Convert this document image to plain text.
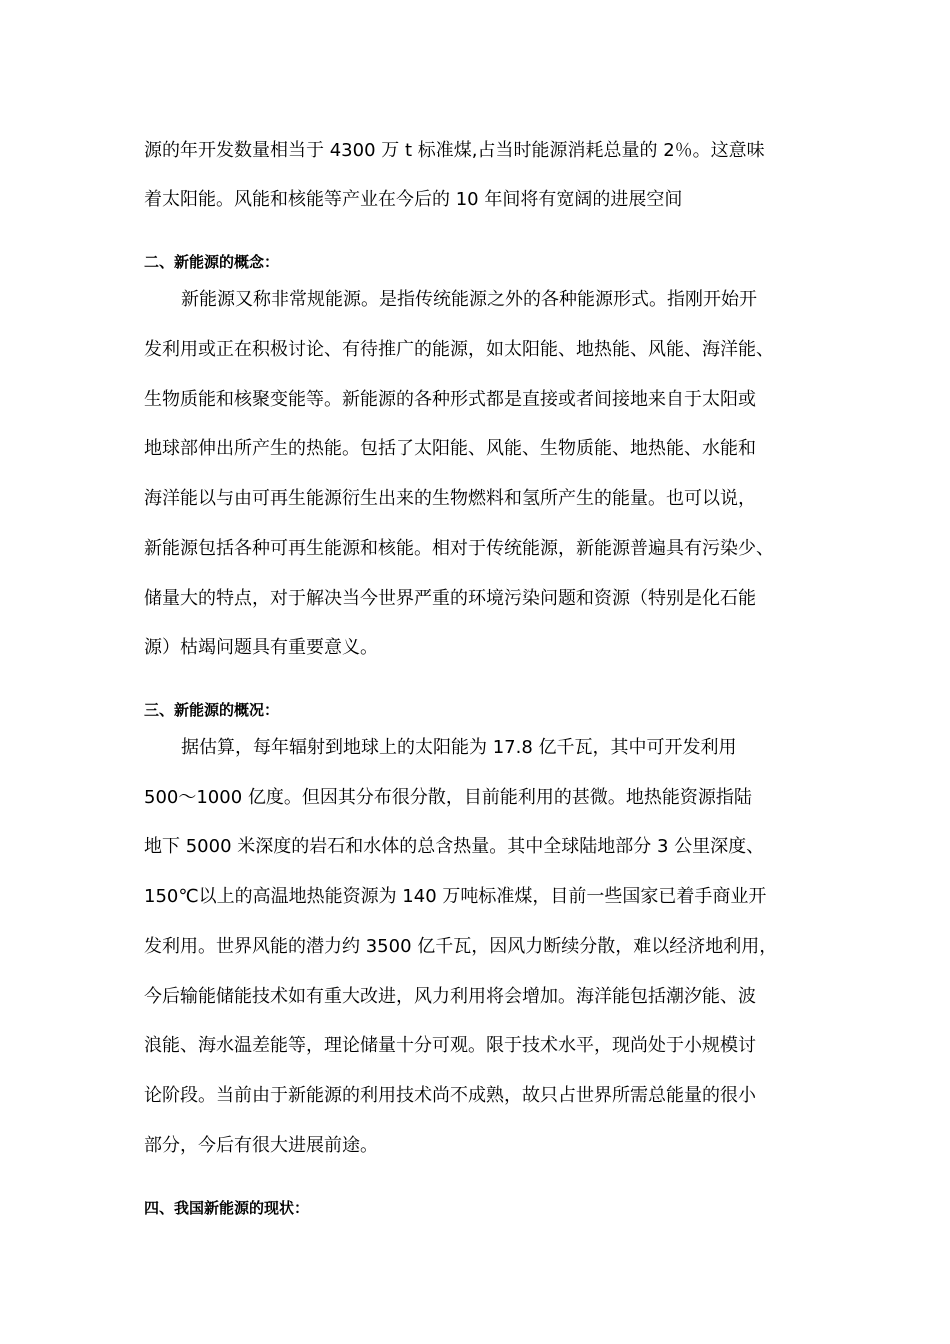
源的年开发数量相当于 4300 万 t 标准煤,占当时能源消耗总量的 2％。这意味
着太阳能。风能和核能等产业在今后的 10 年间将有宽阔的进展空间
二、新能源的概念：
新能源又称非常规能源。是指传统能源之外的各种能源形式。指刚开始开
发利用或正在积极讨论、有待推广的能源，如太阳能、地热能、风能、海洋能、
生物质能和核聚变能等。新能源的各种形式都是直接或者间接地来自于太阳或
地球部伸出所产生的热能。包括了太阳能、风能、生物质能、地热能、水能和
海洋能以与由可再生能源衍生出来的生物燃料和氢所产生的能量。也可以说，
新能源包括各种可再生能源和核能。相对于传统能源，新能源普遍具有污染少、
储量大的特点，对于解决当今世界严重的环境污染问题和资源（特别是化石能
源）枯竭问题具有重要意义。
三、新能源的概况：
据估算，每年辐射到地球上的太阳能为 17.8 亿千瓦，其中可开发利用
500～1000 亿度。但因其分布很分散，目前能利用的甚微。地热能资源指陆
地下 5000 米深度的岩石和水体的总含热量。其中全球陆地部分 3 公里深度、
150℃以上的高温地热能资源为 140 万吨标准煤，目前一些国家已着手商业开
发利用。世界风能的潜力约 3500 亿千瓦，因风力断续分散，难以经济地利用，
今后输能储能技术如有重大改进，风力利用将会增加。海洋能包括潮汐能、波
浪能、海水温差能等，理论储量十分可观。限于技术水平，现尚处于小规模讨
论阶段。当前由于新能源的利用技术尚不成熟，故只占世界所需总能量的很小
部分，今后有很大进展前途。
四、我国新能源的现状：
